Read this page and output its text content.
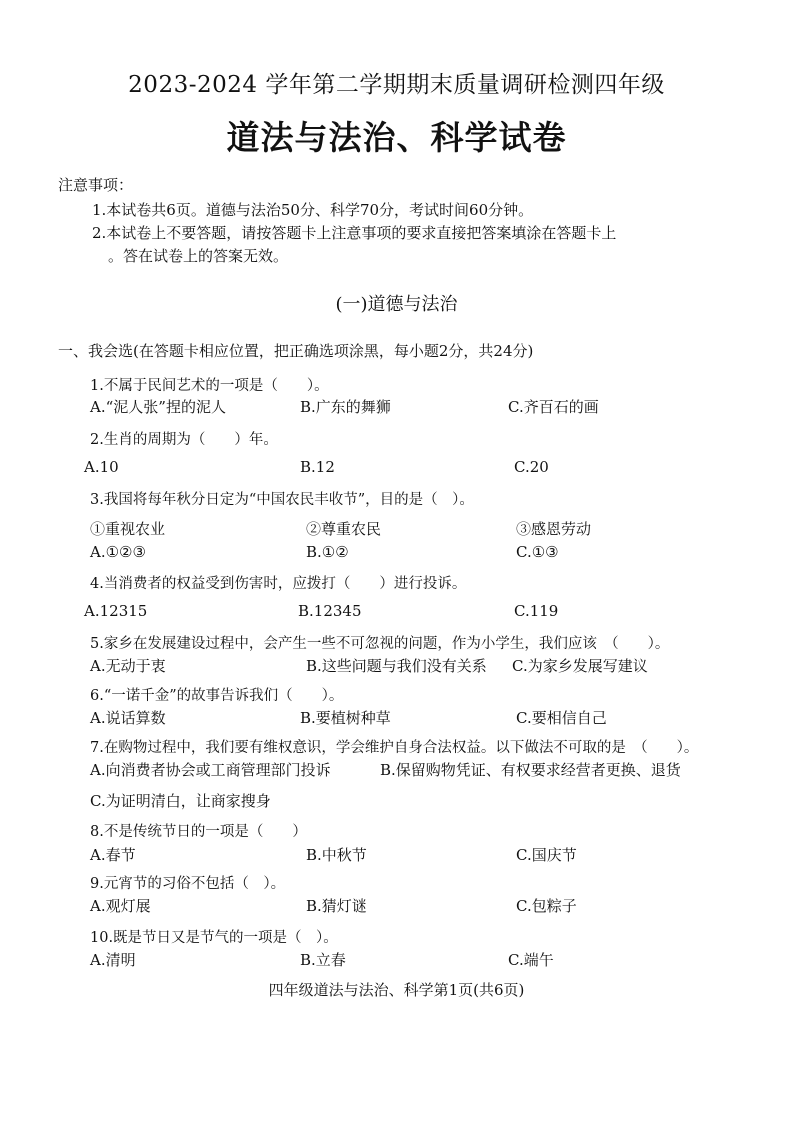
2023-2024 学年第二学期期末质量调研检测四年级
道法与法治、科学试卷
注意事项：
1.本试卷共6页。道德与法治50分、科学70分，考试时间60分钟。
2.本试卷上不要答题，请按答题卡上注意事项的要求直接把答案填涂在答题卡上
。答在试卷上的答案无效。
(一)道德与法治
一、我会选(在答题卡相应位置，把正确选项涂黑，每小题2分，共24分)
1.不属于民间艺术的一项是（　　）。
A.“泥人张”捏的泥人	B.广东的舞狮	C.齐百石的画
2.生肖的周期为（　　）年。
A.10	B.12	C.20
3.我国将每年秋分日定为“中国农民丰收节”，目的是（　）。
①重视农业	②尊重农民	③感恩劳动
A.①②③	B.①②	C.①③
4.当消费者的权益受到伤害时，应拨打（　　）进行投诉。
A.12315	B.12345	C.119
5.家乡在发展建设过程中，会产生一些不可忽视的问题，作为小学生，我们应该　（　　）。
A.无动于衷	B.这些问题与我们没有关系 C.为家乡发展写建议
6.“一诺千金”的故事告诉我们（　　）。
A.说话算数	B.要植树种草	C.要相信自己
7.在购物过程中，我们要有维权意识，学会维护自身合法权益。以下做法不可取的是　（　　）。
A.向消费者协会或工商管理部门投诉	B.保留购物凭证、有权要求经营者更换、退货
C.为证明清白，让商家搜身
8.不是传统节日的一项是（　　）
A.春节	B.中秋节	C.国庆节
9.元宵节的习俗不包括（　）。
A.观灯展	B.猜灯谜	C.包粽子
10.既是节日又是节气的一项是（　）。
A.清明	B.立春	C.端午
四年级道法与法治、科学第1页(共6页)
